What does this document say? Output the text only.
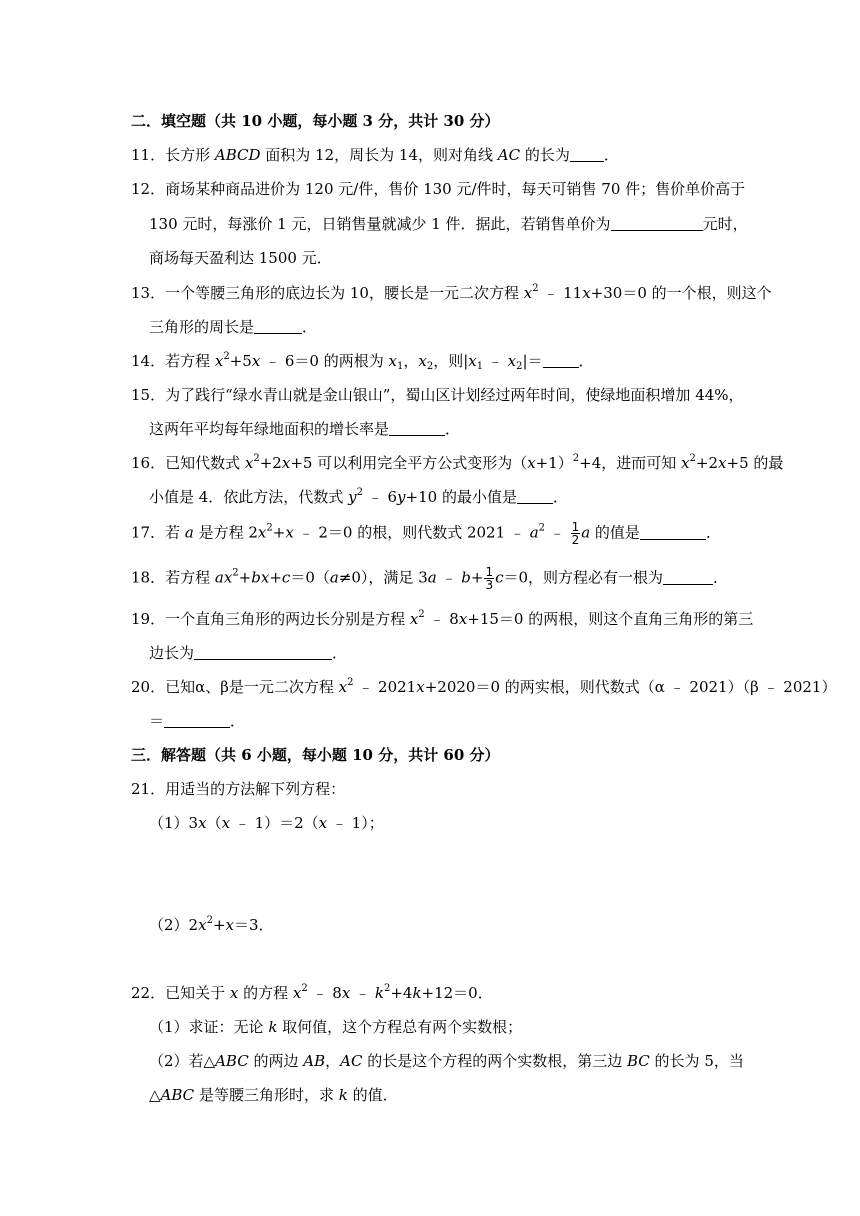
二．填空题（共 10 小题，每小题 3 分，共计 30 分）
11．长方形 ABCD 面积为 12，周长为 14，则对角线 AC 的长为 ．
12．商场某种商品进价为 120 元/件，售价 130 元/件时，每天可销售 70 件；售价单价高于
130 元时，每涨价 1 元，日销售量就减少 1 件．据此，若销售单价为	元时，
商场每天盈利达 1500 元．
13．一个等腰三角形的底边长为 10，腰长是一元二次方程 $x^2$ ﹣ 11x+30＝0 的一个根，则这个
三角形的周长是	．
14．若方程 $x^2+5x$ ﹣ 6＝0 的两根为 $x_1$，$x_2$，则$|x_1$ ﹣ $x_2|=$ ．
15．为了践行“绿水青山就是金山银山”，蜀山区计划经过两年时间，使绿地面积增加 44%，
这两年平均每年绿地面积的增长率是	．
16．已知代数式 $x^2+2x+5$ 可以利用完全平方公式变形为$(x+1)^2+4$，进而可知 $x^2+2x+5$ 的最
小值是 4．依此方法，代数式 $y^2$ ﹣ 6y+10 的最小值是 ．
17．若 a 是方程 $2x^2+x$ ﹣ 2＝0 的根，则代数式 2021 ﹣ $a^2$ ﹣ $\frac{1}{2}$ a 的值是	．
18．若方程 $ax^2+bx+c=0(a\ne 0)$，满足 3a ﹣ $b+ \frac{1}{3} c=0$，则方程必有一根为	．
19．一个直角三角形的两边长分别是方程 $x^2$ ﹣ 8x+15＝0 的两根，则这个直角三角形的第三
边长为	．
20．已知α、β是一元二次方程 $x^2$ ﹣ 2021x+2020＝0 的两实根，则代数式（α ﹣ 2021）（β ﹣ 2021）
＝	．
三．解答题（共 6 小题，每小题 10 分，共计 60 分）
21．用适当的方法解下列方程：
（1）3x（x ﹣ 1）＝2（x ﹣ 1）；
$(2)2x^2+x=3$．
22．已知关于 x 的方程 $x^2$ ﹣ 8x ﹣ $k^2+4k+12=0$．
（1）求证：无论 k 取何值，这个方程总有两个实数根；
（2）若△ABC 的两边 AB，AC 的长是这个方程的两个实数根，第三边 BC 的长为 5，当
△ABC 是等腰三角形时，求 k 的值．
